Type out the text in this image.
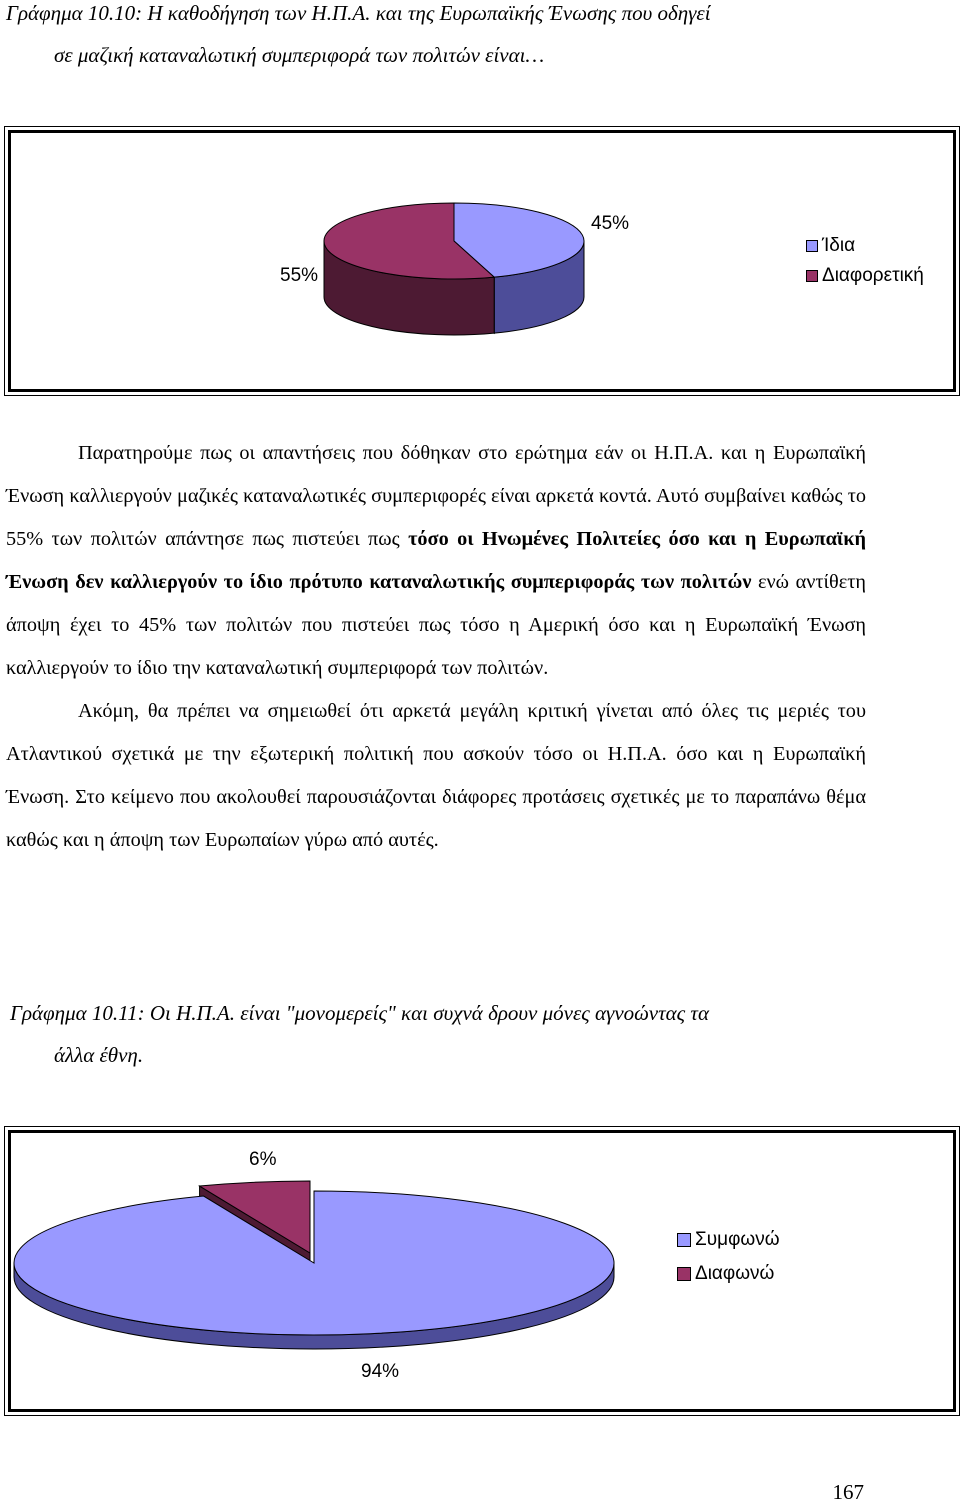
Γράφημα 10.10: Η καθοδήγηση των Η.Π.Α. και της Ευρωπαϊκής Ένωσης που οδηγεί
σε μαζική καταναλωτική συμπεριφορά των πολιτών είναι…
45%
55%
Ίδια
Διαφορετική

Παρατηρούμε πως οι απαντήσεις που δόθηκαν στο ερώτημα εάν οι Η.Π.Α. και η Ευρωπαϊκή Ένωση καλλιεργούν μαζικές καταναλωτικές συμπεριφορές είναι αρκετά κοντά. Αυτό συμβαίνει καθώς το 55% των πολιτών απάντησε πως πιστεύει πως τόσο οι Ηνωμένες Πολιτείες όσο και η Ευρωπαϊκή Ένωση δεν καλλιεργούν το ίδιο πρότυπο καταναλωτικής συμπεριφοράς των πολιτών ενώ αντίθετη άποψη έχει το 45% των πολιτών που πιστεύει πως τόσο η Αμερική όσο και η Ευρωπαϊκή Ένωση καλλιεργούν το ίδιο την καταναλωτική συμπεριφορά των πολιτών.

Ακόμη, θα πρέπει να σημειωθεί ότι αρκετά μεγάλη κριτική γίνεται από όλες τις μεριές του Ατλαντικού σχετικά με την εξωτερική πολιτική που ασκούν τόσο οι Η.Π.Α. όσο και η Ευρωπαϊκή Ένωση. Στο κείμενο που ακολουθεί παρουσιάζονται διάφορες προτάσεις σχετικές με το παραπάνω θέμα καθώς και η άποψη των Ευρωπαίων γύρω από αυτές.

Γράφημα 10.11: Οι Η.Π.Α. είναι "μονομερείς" και συχνά δρουν μόνες αγνοώντας τα
άλλα έθνη.
6%
94%
Συμφωνώ
Διαφωνώ
167
